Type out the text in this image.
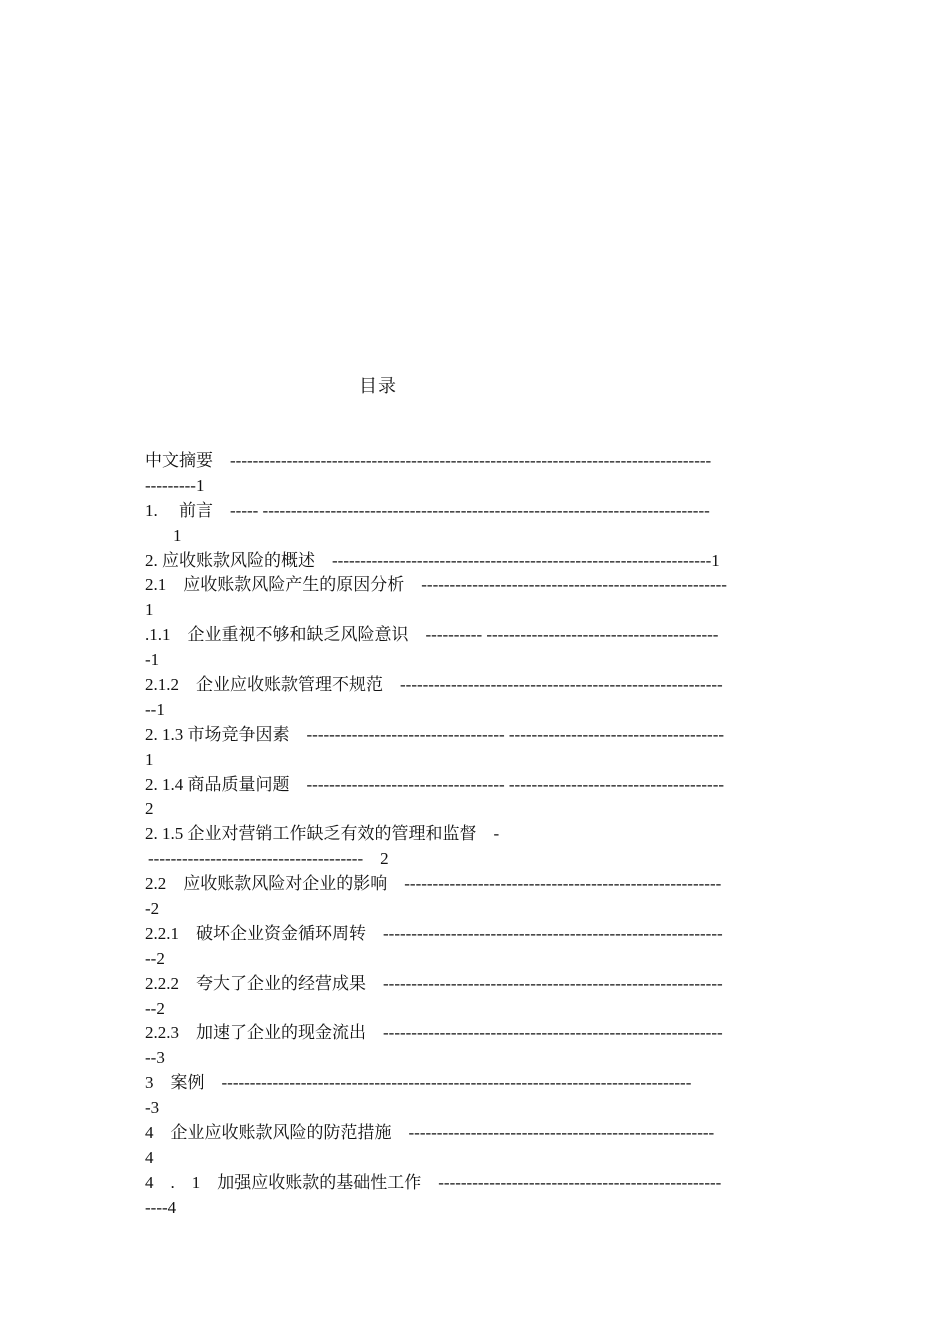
目录
中文摘要    -------------------------------------------------------------------------------------
---------1
1.     前言    ----- -------------------------------------------------------------------------------
1
2. 应收账款风险的概述    -------------------------------------------------------------------1
2.1    应收账款风险产生的原因分析    ------------------------------------------------------
1
.1.1    企业重视不够和缺乏风险意识    ---------- -----------------------------------------
-1
2.1.2    企业应收账款管理不规范    ---------------------------------------------------------
--1
2. 1.3 市场竞争因素    ----------------------------------- --------------------------------------
1
2. 1.4 商品质量问题    ----------------------------------- --------------------------------------
2
2. 1.5 企业对营销工作缺乏有效的管理和监督    -
--------------------------------------    2
2.2    应收账款风险对企业的影响    --------------------------------------------------------
-2
2.2.1    破坏企业资金循环周转    ------------------------------------------------------------
--2
2.2.2    夸大了企业的经营成果    ------------------------------------------------------------
--2
2.2.3    加速了企业的现金流出    ------------------------------------------------------------
--3
3    案例    -----------------------------------------------------------------------------------
-3
4    企业应收账款风险的防范措施    ------------------------------------------------------
4
4    .    1    加强应收账款的基础性工作    --------------------------------------------------
----4
